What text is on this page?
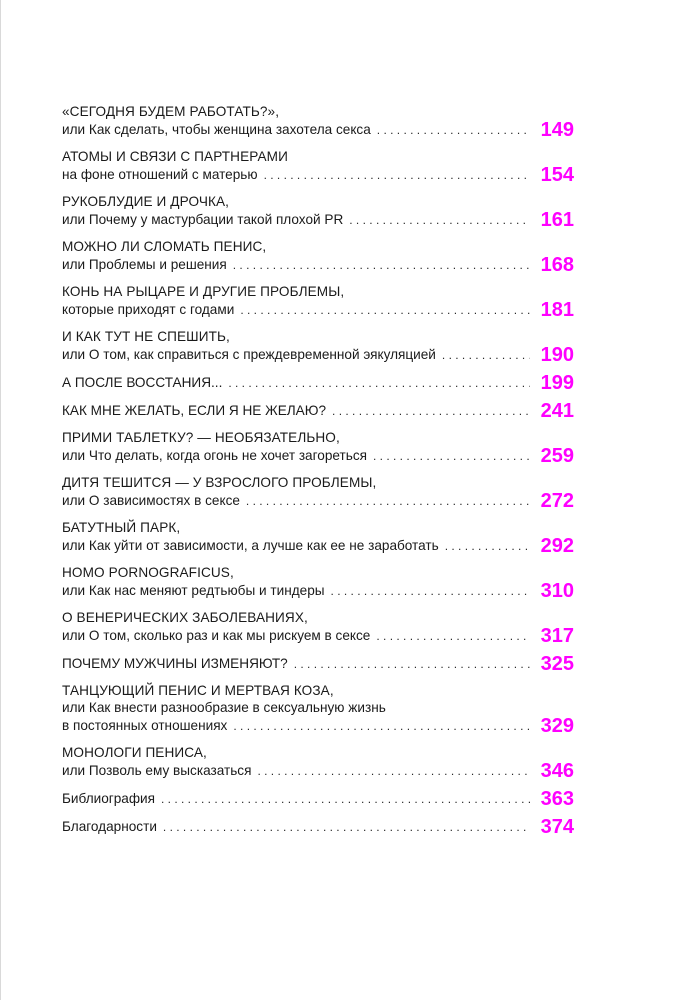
«СЕГОДНЯ БУДЕМ РАБОТАТЬ?»,
или Как сделать, чтобы женщина захотела секса . . .	149
АТОМЫ И СВЯЗИ С ПАРТНЕРАМИ
на фоне отношений с матерью . . .	154
РУКОБЛУДИЕ И ДРОЧКА,
или Почему у мастурбации такой плохой PR . . .	161
МОЖНО ЛИ СЛОМАТЬ ПЕНИС,
или Проблемы и решения . . .	168
КОНЬ НА РЫЦАРЕ И ДРУГИЕ ПРОБЛЕМЫ,
которые приходят с годами . . .	181
И КАК ТУТ НЕ СПЕШИТЬ,
или О том, как справиться с преждевременной эякуляцией . . .	190
А ПОСЛЕ ВОССТАНИЯ... . . .	199
КАК МНЕ ЖЕЛАТЬ, ЕСЛИ Я НЕ ЖЕЛАЮ? . . .	241
ПРИМИ ТАБЛЕТКУ? — НЕОБЯЗАТЕЛЬНО,
или Что делать, когда огонь не хочет загореться . . .	259
ДИТЯ ТЕШИТСЯ — У ВЗРОСЛОГО ПРОБЛЕМЫ,
или О зависимостях в сексе . . .	272
БАТУТНЫЙ ПАРК,
или Как уйти от зависимости, а лучше как ее не заработать . . .	292
HOMO PORNOGRAFICUS,
или Как нас меняют редтьюбы и тиндеры . . .	310
О ВЕНЕРИЧЕСКИХ ЗАБОЛЕВАНИЯХ,
или О том, сколько раз и как мы рискуем в сексе . . .	317
ПОЧЕМУ МУЖЧИНЫ ИЗМЕНЯЮТ? . . .	325
ТАНЦУЮЩИЙ ПЕНИС И МЕРТВАЯ КОЗА,
или Как внести разнообразие в сексуальную жизнь
в постоянных отношениях . . .	329
МОНОЛОГИ ПЕНИСА,
или Позволь ему высказаться . . .	346
Библиография . . .	363
Благодарности . . .	374
